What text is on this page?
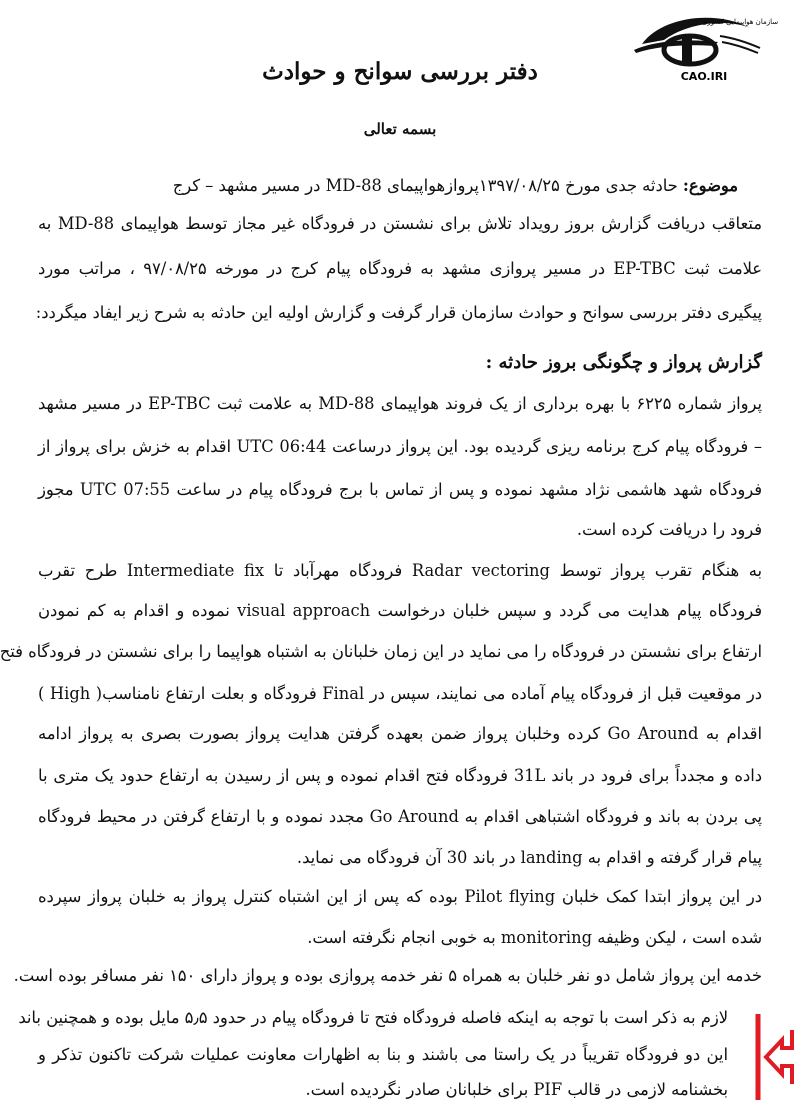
سازمان هواپیمایی کشوری
CAO.IRI
دفتر بررسی سوانح و حوادث
بسمه تعالی
موضوع: حادثه جدی مورخ ۱۳۹۷/۰۸/۲۵پروازهواپیمای MD-88 در مسیر مشهد – کرج
متعاقب دریافت گزارش بروز رویداد تلاش برای نشستن در فرودگاه غیر مجاز توسط هواپیمای MD-88 به
علامت ثبت EP-TBC در مسیر پروازی مشهد به فرودگاه پیام کرج در مورخه ۹۷/۰۸/۲۵ ، مراتب مورد
پیگیری دفتر بررسی سوانح و حوادث سازمان قرار گرفت و گزارش اولیه این حادثه به شرح زیر ایفاد میگردد:
گزارش پرواز و چگونگی بروز حادثه :
پرواز شماره ۶۲۲۵ با بهره برداری از یک فروند هواپیمای MD-88 به علامت ثبت EP-TBC در مسیر مشهد
– فرودگاه پیام کرج برنامه ریزی گردیده بود. این پرواز درساعت 06:44 UTC اقدام به خزش برای پرواز از
فرودگاه شهد هاشمی نژاد مشهد نموده و پس از تماس با برج فرودگاه پیام در ساعت 07:55 UTC مجوز
فرود را دریافت کرده است.
به هنگام تقرب پرواز توسط Radar vectoring فرودگاه مهرآباد تا Intermediate fix طرح تقرب
فرودگاه پیام هدایت می گردد و سپس خلبان درخواست visual approach نموده و اقدام به کم نمودن
ارتفاع برای نشستن در فرودگاه را می نماید در این زمان خلبانان به اشتباه هواپیما را برای نشستن در فرودگاه فتح
در موقعیت قبل از فرودگاه پیام آماده می نمایند، سپس در Final فرودگاه و بعلت ارتفاع نامناسب( High )
اقدام به Go Around کرده وخلبان پرواز ضمن بعهده گرفتن هدایت پرواز بصورت بصری به پرواز ادامه
داده و مجدداً برای فرود در باند 31L فرودگاه فتح اقدام نموده و پس از رسیدن به ارتفاع حدود یک متری با
پی بردن به باند و فرودگاه اشتباهی اقدام به Go Around مجدد نموده و با ارتفاع گرفتن در محیط فرودگاه
پیام قرار گرفته و اقدام به landing در باند 30 آن فرودگاه می نماید.
در این پرواز ابتدا کمک خلبان Pilot flying بوده که پس از این اشتباه کنترل پرواز به خلبان پرواز سپرده
شده است ، لیکن وظیفه monitoring به خوبی انجام نگرفته است.
خدمه این پرواز شامل دو نفر خلبان به همراه ۵ نفر خدمه پروازی بوده و پرواز دارای ۱۵۰ نفر مسافر بوده است.
لازم به ذکر است با توجه به اینکه فاصله فرودگاه فتح تا فرودگاه پیام در حدود ۵٫۵ مایل بوده و همچنین باند
این دو فرودگاه تقریباً در یک راستا می باشند و بنا به اظهارات معاونت عملیات شرکت تاکنون تذکر و
بخشنامه لازمی در قالب PIF برای خلبانان صادر نگردیده است.
